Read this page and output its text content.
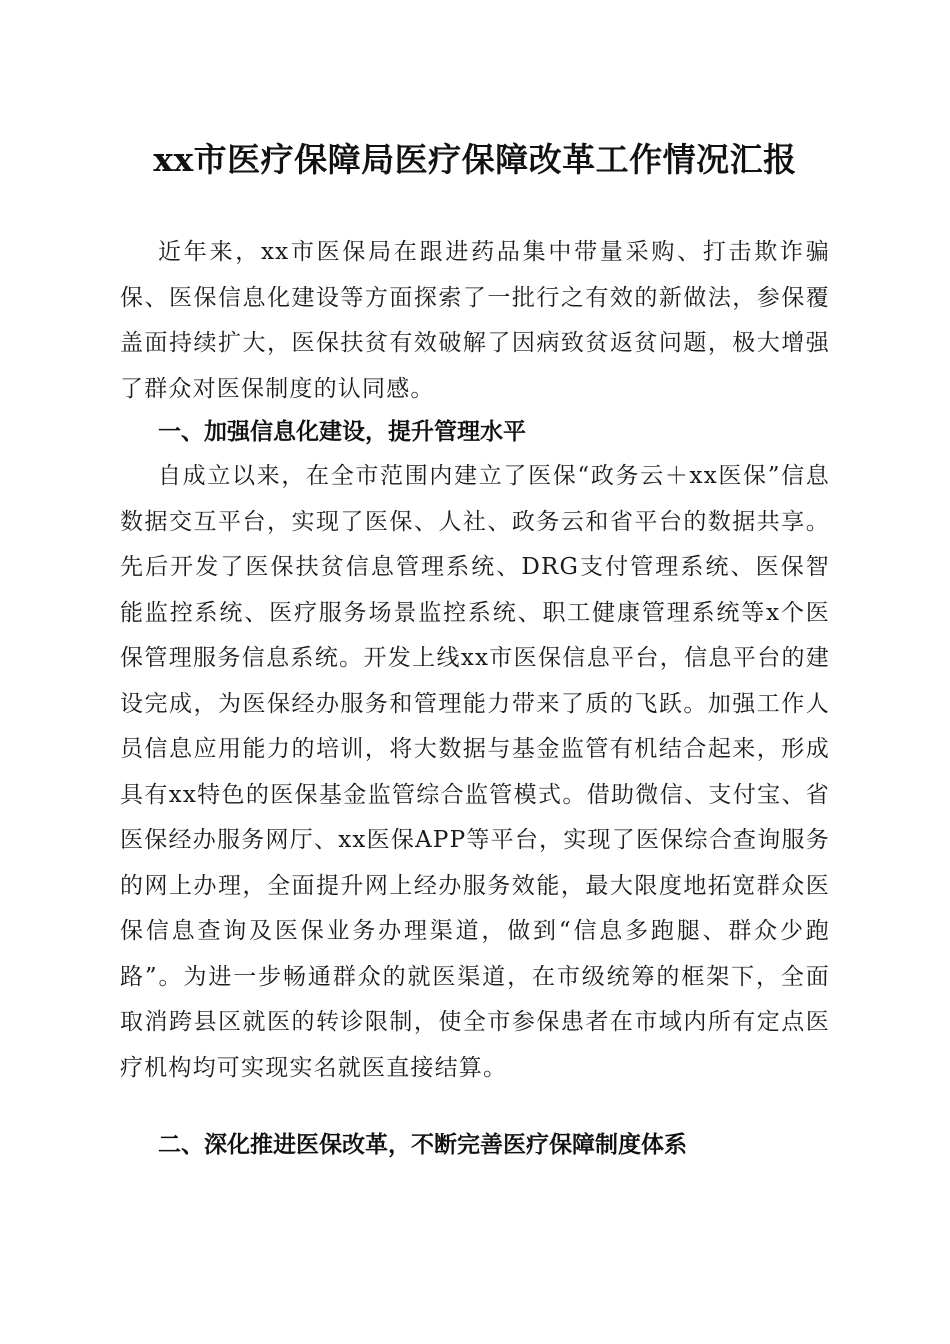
xx市医疗保障局医疗保障改革工作情况汇报

近年来，xx市医保局在跟进药品集中带量采购、打击欺诈骗保、医保信息化建设等方面探索了一批行之有效的新做法，参保覆盖面持续扩大，医保扶贫有效破解了因病致贫返贫问题，极大增强了群众对医保制度的认同感。

一、加强信息化建设，提升管理水平

自成立以来，在全市范围内建立了医保“政务云＋xx医保”信息数据交互平台，实现了医保、人社、政务云和省平台的数据共享。先后开发了医保扶贫信息管理系统、DRG支付管理系统、医保智能监控系统、医疗服务场景监控系统、职工健康管理系统等x个医保管理服务信息系统。开发上线xx市医保信息平台，信息平台的建设完成，为医保经办服务和管理能力带来了质的飞跃。加强工作人员信息应用能力的培训，将大数据与基金监管有机结合起来，形成具有xx特色的医保基金监管综合监管模式。借助微信、支付宝、省医保经办服务网厅、xx医保APP等平台，实现了医保综合查询服务的网上办理，全面提升网上经办服务效能，最大限度地拓宽群众医保信息查询及医保业务办理渠道，做到“信息多跑腿、群众少跑路”。为进一步畅通群众的就医渠道，在市级统筹的框架下，全面取消跨县区就医的转诊限制，使全市参保患者在市域内所有定点医疗机构均可实现实名就医直接结算。

二、深化推进医保改革，不断完善医疗保障制度体系
